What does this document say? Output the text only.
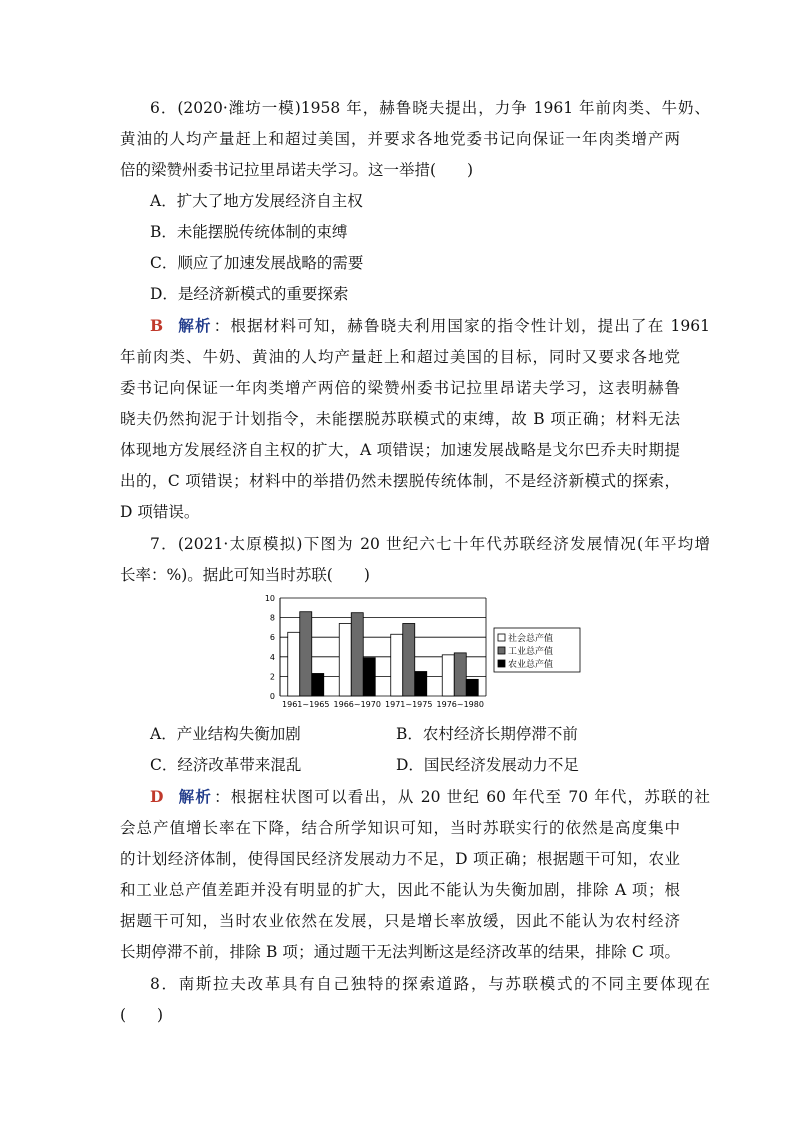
6．(2020·潍坊一模)1958 年，赫鲁晓夫提出，力争 1961 年前肉类、牛奶、
黄油的人均产量赶上和超过美国，并要求各地党委书记向保证一年肉类增产两
倍的梁赞州委书记拉里昂诺夫学习。这一举措(　　)
A．扩大了地方发展经济自主权
B．未能摆脱传统体制的束缚
C．顺应了加速发展战略的需要
D．是经济新模式的重要探索
B 解析 ：根据材料可知，赫鲁晓夫利用国家的指令性计划，提出了在 1961
年前肉类、牛奶、黄油的人均产量赶上和超过美国的目标，同时又要求各地党
委书记向保证一年肉类增产两倍的梁赞州委书记拉里昂诺夫学习，这表明赫鲁
晓夫仍然拘泥于计划指令，未能摆脱苏联模式的束缚，故 B 项正确；材料无法
体现地方发展经济自主权的扩大，A 项错误；加速发展战略是戈尔巴乔夫时期提
出的，C 项错误；材料中的举措仍然未摆脱传统体制，不是经济新模式的探索，
D 项错误。
7．(2021·太原模拟)下图为 20 世纪六七十年代苏联经济发展情况(年平均增
长率：%)。据此可知当时苏联(　　)
0
2
4
6
8
10
1961~1965 1966~1970 1971~1975 1976~1980
社会总产值
工业总产值
农业总产值
A．产业结构失衡加剧	B．农村经济长期停滞不前
C．经济改革带来混乱	D．国民经济发展动力不足
D 解析 ：根据柱状图可以看出，从 20 世纪 60 年代至 70 年代，苏联的社
会总产值增长率在下降，结合所学知识可知，当时苏联实行的依然是高度集中
的计划经济体制，使得国民经济发展动力不足，D 项正确；根据题干可知，农业
和工业总产值差距并没有明显的扩大，因此不能认为失衡加剧，排除 A 项；根
据题干可知，当时农业依然在发展，只是增长率放缓，因此不能认为农村经济
长期停滞不前，排除 B 项；通过题干无法判断这是经济改革的结果，排除 C 项。
8．南斯拉夫改革具有自己独特的探索道路，与苏联模式的不同主要体现在
(　　)
